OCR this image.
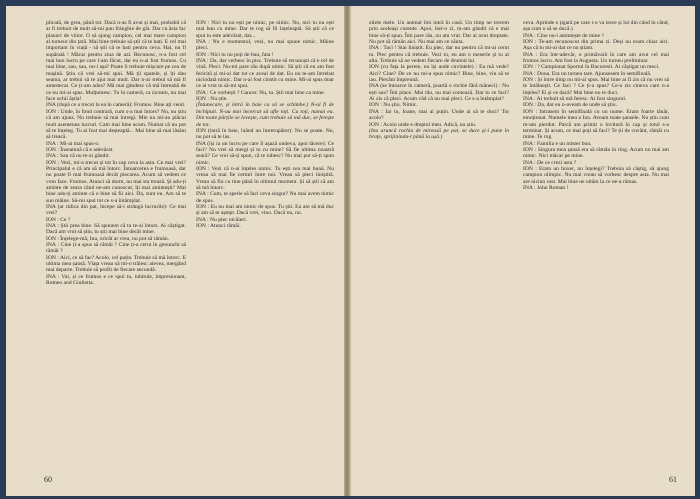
plicată, de grea, până tot. Dacă n-as fi avut și mai, probabil că ar fi trebuit de mult să-mi pun frânghie de gât. Dar cu ăsta fac planuri de viitor. O să ajung campion, cel mai mare campion al turneur din țară. Mai bine trebuie să știi că te bati. E cel mai important în viață - să știi că te bati pentru ceva. Hai, nu fi supărată ! Măcar pentru ziua de azi. Recunosc, n-a fost cel mai bun lucru pe care l-am făcut, dar eu n-ai fost frumos. Cu mai bine, sau, sau, nu-i așa? Poate îi trebuie mișcare pe cea de mașină. Știu că vrei să-mi spui. Mă ții spatele, și îți dau seama, ar trebui să te ajut mai mult. Dar n-ar trebui să mă fi amestecat. Ce ți-am adus? Mă mai gândesc că mă întreabă de ce nu mi-ai spus. Mulțumesc. Tu în cameră, ca ziceam, nu mai face ochii ăștia!

INA (după ce a trecut la ea în cameră): Frumos. Bine ați venit.

ION : Unde, în fond contrară, cum s-a mai întors? Nu, nu știu că am ajuns. Nu trebuie să mai întregi. Mie nu mi-au plăcut mult asemenea lucruri. Cam mai bine acum. Numai că nu pot să te înțeleg. Tu ai fost mai deșteaptă... Mai bine să mai lăsăm să treacă.

INA : Mi-ai mai spus-o.

ION : Înseamnă că e adevărat.

INA : Sau că nu te-ai gândit.

ION : Vezi, mi-a trecut și tot în cap ceva la asta. Ce mai vrei? Principalul e că am să mă întorc. Întoarcerea e frumoasă, dar nu poate fi mai frumoasă decât plecarea. Acum să vedem ce vom face. Frumos. Atunci să dorm, nu mai sta trează. Și adu-ți aminte de seara când ne-am cunoscut, îți mai amintești? Mai bine adu-ți aminte că e bine să fii aici. Da, sunt eu. Am să te sun mâine. Să-mi spui tot ce s-a întâmplat.

INA (ar ridica din pat, începe să-i strângă lucrurile): Ce mai vrei?

ION : Ce ?

INA : Știi prea bine. Să spunem că tu te-ai întors. Ai câștigat. Dacă am vrut să știu, tu știi mai bine decât mine.

ION : Înțelege-mă, Ina, oricât ar vrea, nu pot să rămân.

INA : Cine ți-a spus să rămâi ? Cine ți-a cerut în genunchi să rămâi ?

ION : Aici, ce să fac? Acolo, cel puțin. Trebuie să mă întorc. E ultima mea șansă. Viața vreau să mi-o trăiesc aievea, mergând mai departe. Trebuie să profit de fiecare secundă.

INA : Vai, și ce frumos e ce spui tu, iubitule, impresionant, Romeo and Giulietta.

ION : Nici tu nu ești pe nimic, pe nimic. Nu, nici tu nu ești mai bun cu mine. Dar te rog să fii înțeleaptă. Să știi că ce spui tu este adevărat, dar...

INA : Nu e momentul, vezi, nu mai spune nimic. Mâine pleci.

ION : Nici tu nu poți de bun, fata !

INA : Da, dar verbesc în pisc. Trebuie să recunoști că e cel de vină. Pleci. Nu-mi pare rău după nimic. Să știi că eu am fost fericită și mi-ai dat tot ce aveai de dat. Eu nu te-am întrebat niciodată nimic. Dar n-ai fost cinstit cu mine. Mi-ai spus doar ce ai vrut tu să-mi spui.

INA : Ce vorbești ? Cancer. Nu, tu. Știi mai bine ca mine.

ION : Nu știe.

(Întunecare, și intră în baie ca să se schimbe.) N-ai fi de închipuit. N-au mai încercat să afle toți. Cu toți, numai eu. Din toate părțile se lovește, cum trebuie să mă duc, se ferește de tot.

ION (intră în baie, luând un întrerupător): Nu se poate. Nu, nu pot să te las.

INA (își ia un lucru pe care îl așază undeva, apoi tăcere): Ce faci? Nu vrei să mergi și tu cu mine? Să fie ultima noastră seară? Ce vrei să-ți spun, că te iubesc? Nu mai pot să-ți spun nimic.

ION : Vezi că n-ai înțeles nimic. Tu ești cea mai bună. Nu vreau să mai fie certuri între noi. Vreau să pleci liniștită. Vreau să fiu cu tine până în ultimul moment. Și să știi că am să mă întorc.

INA : Cum, te sperie să faci ceva singur? Nu mai avem nimic de spus.

ION : Eu nu mai am nimic de spus. Tu știi. Eu am să mă duc și am să te aștept. Dacă vrei, vino. Dacă nu, nu.

INA : Nu plec nicăieri.

ION : Atunci rămâi.

60

zilele mele. Un animal îmi intră în casă. Un timp ne trecem prin aceleași curente. Apoi, într-o zi, m-am gândit că e mai bine să-ți spun. Îmi pare rău, nu am vrut. Dar ai avut dreptate. Nu pot să rămân aici. Nu mai am ce căuta.

INA : Taci ! Stai liniștit. Eu plec, dar nu pentru că mi-ai cerut tu. Plec pentru că trebuie. Vezi tu, eu am o meserie și tu ai alta. Trebuie să ne vedem fiecare de drumul lui.

ION (cu fața la perete, nu își aude cuvintele) : Ea mă vede? Aici? Cine? De ce nu mi-a spus nimic? Bine, bine, vin să te iau. Plecăm împreună.

INA (se întoarce în cameră, poartă o rochie fără mâneci) : Nu ești sus? Îmi place. Mai rău, nu mai contează. Dar tu ce faci? Ai zis că pleci. Acum văd că nu mai pleci. Ce s-a întâmplat?

ION : Nu știu. Nimic.

INA : Iar tu, Ioane, mai ai puțin. Unde ai să te duci? Tot acolo?

ION : Acolo unde e dreptul meu. Adică, nu știu.

(Ina aruncă rochia de mireasă pe pat, se duce și-i pune în brațe, sprijinindu-l până la ușă.)

ceva. Aprinde o țigară pe care i-o va trece și lui din când în când, așa cum o să se ducă.)

INA : Cine nu-i amintește de mine ?

ION : Te-am recunoscut din prima zi. Deși nu eram chiar aici. Așa că tu mi-ai dat ce nu știam.

INA : Era într-adevăr, o primăvară în care am avut cel mai frumos lucru. Am fost la Augusta. Un turneu preliminar.

ION : ? Campionat Sportul în Bucuresti. Ai câștigat un meci.

INA : Doua. Era un turneu tare. Ajunsesem în semifinală.

ION : Și între timp nu mi-ai spus. Mai bine ai fi zis că nu vrei să te întâlnești. Ce faci ? Ce ți-a spus? Ce-a zis cineva care n-a înțeles? Ei și ce dacă? Mai bine nu te duci.

INA : Ai trebuit să mă feresc. Ai fost singurul.

ION : Da, dar eu n-aveam de unde să știu.

ION : Intrasem în semifinală cu un nume. Eram foarte tânăr, emoționat. Numele meu e Ion. Aveam toate șansele. Nu știu cum m-am pierdut. Parcă am primit o lovitură în cap și totul s-a terminat. Și acum, ce mai poți să faci? Te ții de cuvânt, rămâi cu mine. Te rog.

INA : Familia e un mister bun.

ION : Singura mea șansă era să rămân în ring. Acum nu mai am nimic. Nici măcar pe mine.

INA : De ce crezi asta ?

ION : Eram un boxer, nu înțelegi? Trebuia să câștig, să ajung campion olimpic. Nu mai vreau să vorbesc despre asta. Nu mai are niciun rost. Mai bine ne uităm la ce ne-a rămas.

INA : John Roman !

61
